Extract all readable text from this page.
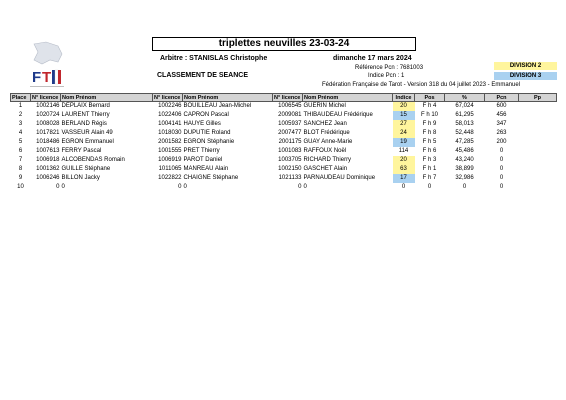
F T
triplettes neuvilles 23-03-24
Arbitre : STANISLAS Christophe	dimanche 17 mars 2024
Référence Pcn : 7681003
Indice Pcn : 1
CLASSEMENT DE SEANCE
Fédération Française de Tarot - Version 318 du 04 juillet 2023 - Emmanuel
DIVISION 2
DIVISION 3
Place	N° licence	Nom Prénom	N° licence	Nom Prénom	N° licence	Nom Prénom	Indice	Pos	%	Pcn	Pp
1	1002146	DEPLAIX Bernard	1002246	BOUILLEAU Jean-Michel	1006545	GUERIN Michel	20	F h 4	67,024	600	
2	1020724	LAURENT Thierry	1022406	CAPRON Pascal	2009081	THIBAUDEAU Frédérique	15	F h 10	61,295	456	
3	1008028	BERLAND Régis	1004141	HAUYE Gilles	1005937	SANCHEZ Jean	27	F h 9	58,013	347	
4	1017821	VASSEUR Alain 49	1018030	DUPUTIE Roland	2007477	BLOT Frédérique	24	F h 8	52,448	263	
5	1018486	EGRON Emmanuel	2001582	EGRON Stéphanie	2001175	GUAY Anne-Marie	19	F h 5	47,285	200	
6	1007613	FERRY Pascal	1001555	PRET Thierry	1001083	RAFFOUX Noël	114	F h 6	45,486	0	
7	1006918	ALCOBENDAS Romain	1006919	PAROT Daniel	1003705	RICHARD Thierry	20	F h 3	43,240	0	
8	1001362	GUILLE Stéphane	1011065	MANREAU Alain	1002150	GASCHET Alain	63	F h 1	38,899	0	
9	1006246	BILLON Jacky	1022822	CHAIGNE Stéphane	1021133	PARNAUDEAU Dominique	17	F h 7	32,986	0	
10	0	0	0	0	0	0	0	0	0	0	
